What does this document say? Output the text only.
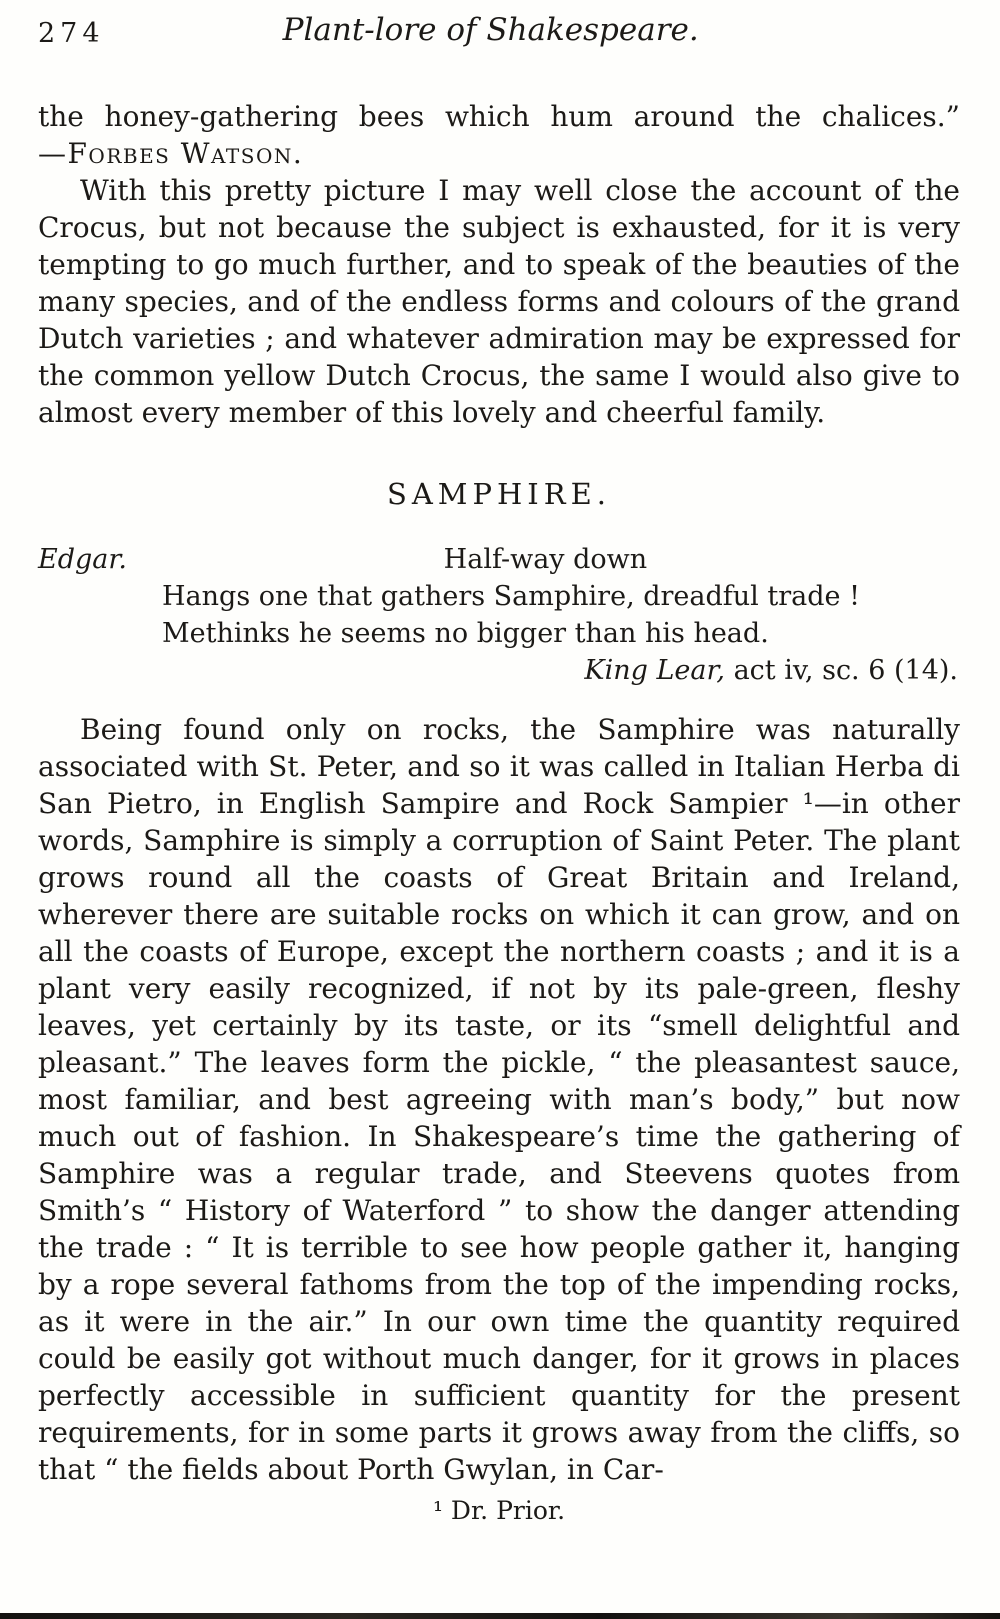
274	Plant-lore of Shakespeare.

the honey-gathering bees which hum around the chalices.”

—Forbes Watson.

With this pretty picture I may well close the account of the Crocus, but not because the subject is exhausted, for it is very tempting to go much further, and to speak of the beauties of the many species, and of the endless forms and colours of the grand Dutch varieties ; and whatever admiration may be expressed for the common yellow Dutch Crocus, the same I would also give to almost every member of this lovely and cheerful family.

SAMPHIRE.
Edgar.	Half-way down
Hangs one that gathers Samphire, dreadful trade !
Methinks he seems no bigger than his head.
King Lear, act iv, sc. 6 (14).

Being found only on rocks, the Samphire was naturally associated with St. Peter, and so it was called in Italian Herba di San Pietro, in English Sampire and Rock Sampier ¹—in other words, Samphire is simply a corruption of Saint Peter. The plant grows round all the coasts of Great Britain and Ireland, wherever there are suitable rocks on which it can grow, and on all the coasts of Europe, except the northern coasts ; and it is a plant very easily recognized, if not by its pale-green, fleshy leaves, yet certainly by its taste, or its “smell delightful and pleasant.” The leaves form the pickle, “ the pleasantest sauce, most familiar, and best agreeing with man’s body,” but now much out of fashion. In Shakespeare’s time the gathering of Samphire was a regular trade, and Steevens quotes from Smith’s “ History of Waterford ” to show the danger attending the trade : “ It is terrible to see how people gather it, hanging by a rope several fathoms from the top of the impending rocks, as it were in the air.” In our own time the quantity required could be easily got without much danger, for it grows in places perfectly accessible in sufficient quantity for the present requirements, for in some parts it grows away from the cliffs, so that “ the fields about Porth Gwylan, in Car-

¹ Dr. Prior.
